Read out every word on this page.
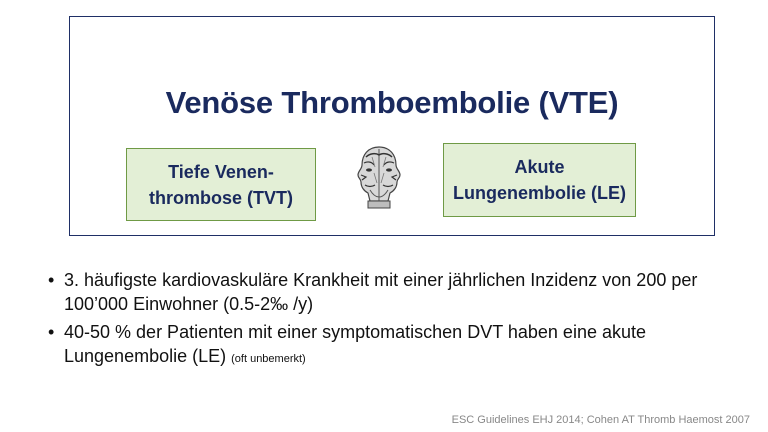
Venöse Thromboembolie (VTE)
Tiefe Venen-
thrombose (TVT)
Akute
Lungenembolie (LE)
• 3. häufigste kardiovaskuläre Krankheit mit einer jährlichen Inzidenz von 200 per
100’000 Einwohner (0.5-2‰ /y)
• 40-50 % der Patienten mit einer symptomatischen DVT haben eine akute
Lungenembolie (LE) (oft unbemerkt)
ESC Guidelines EHJ 2014; Cohen AT Thromb Haemost 2007
